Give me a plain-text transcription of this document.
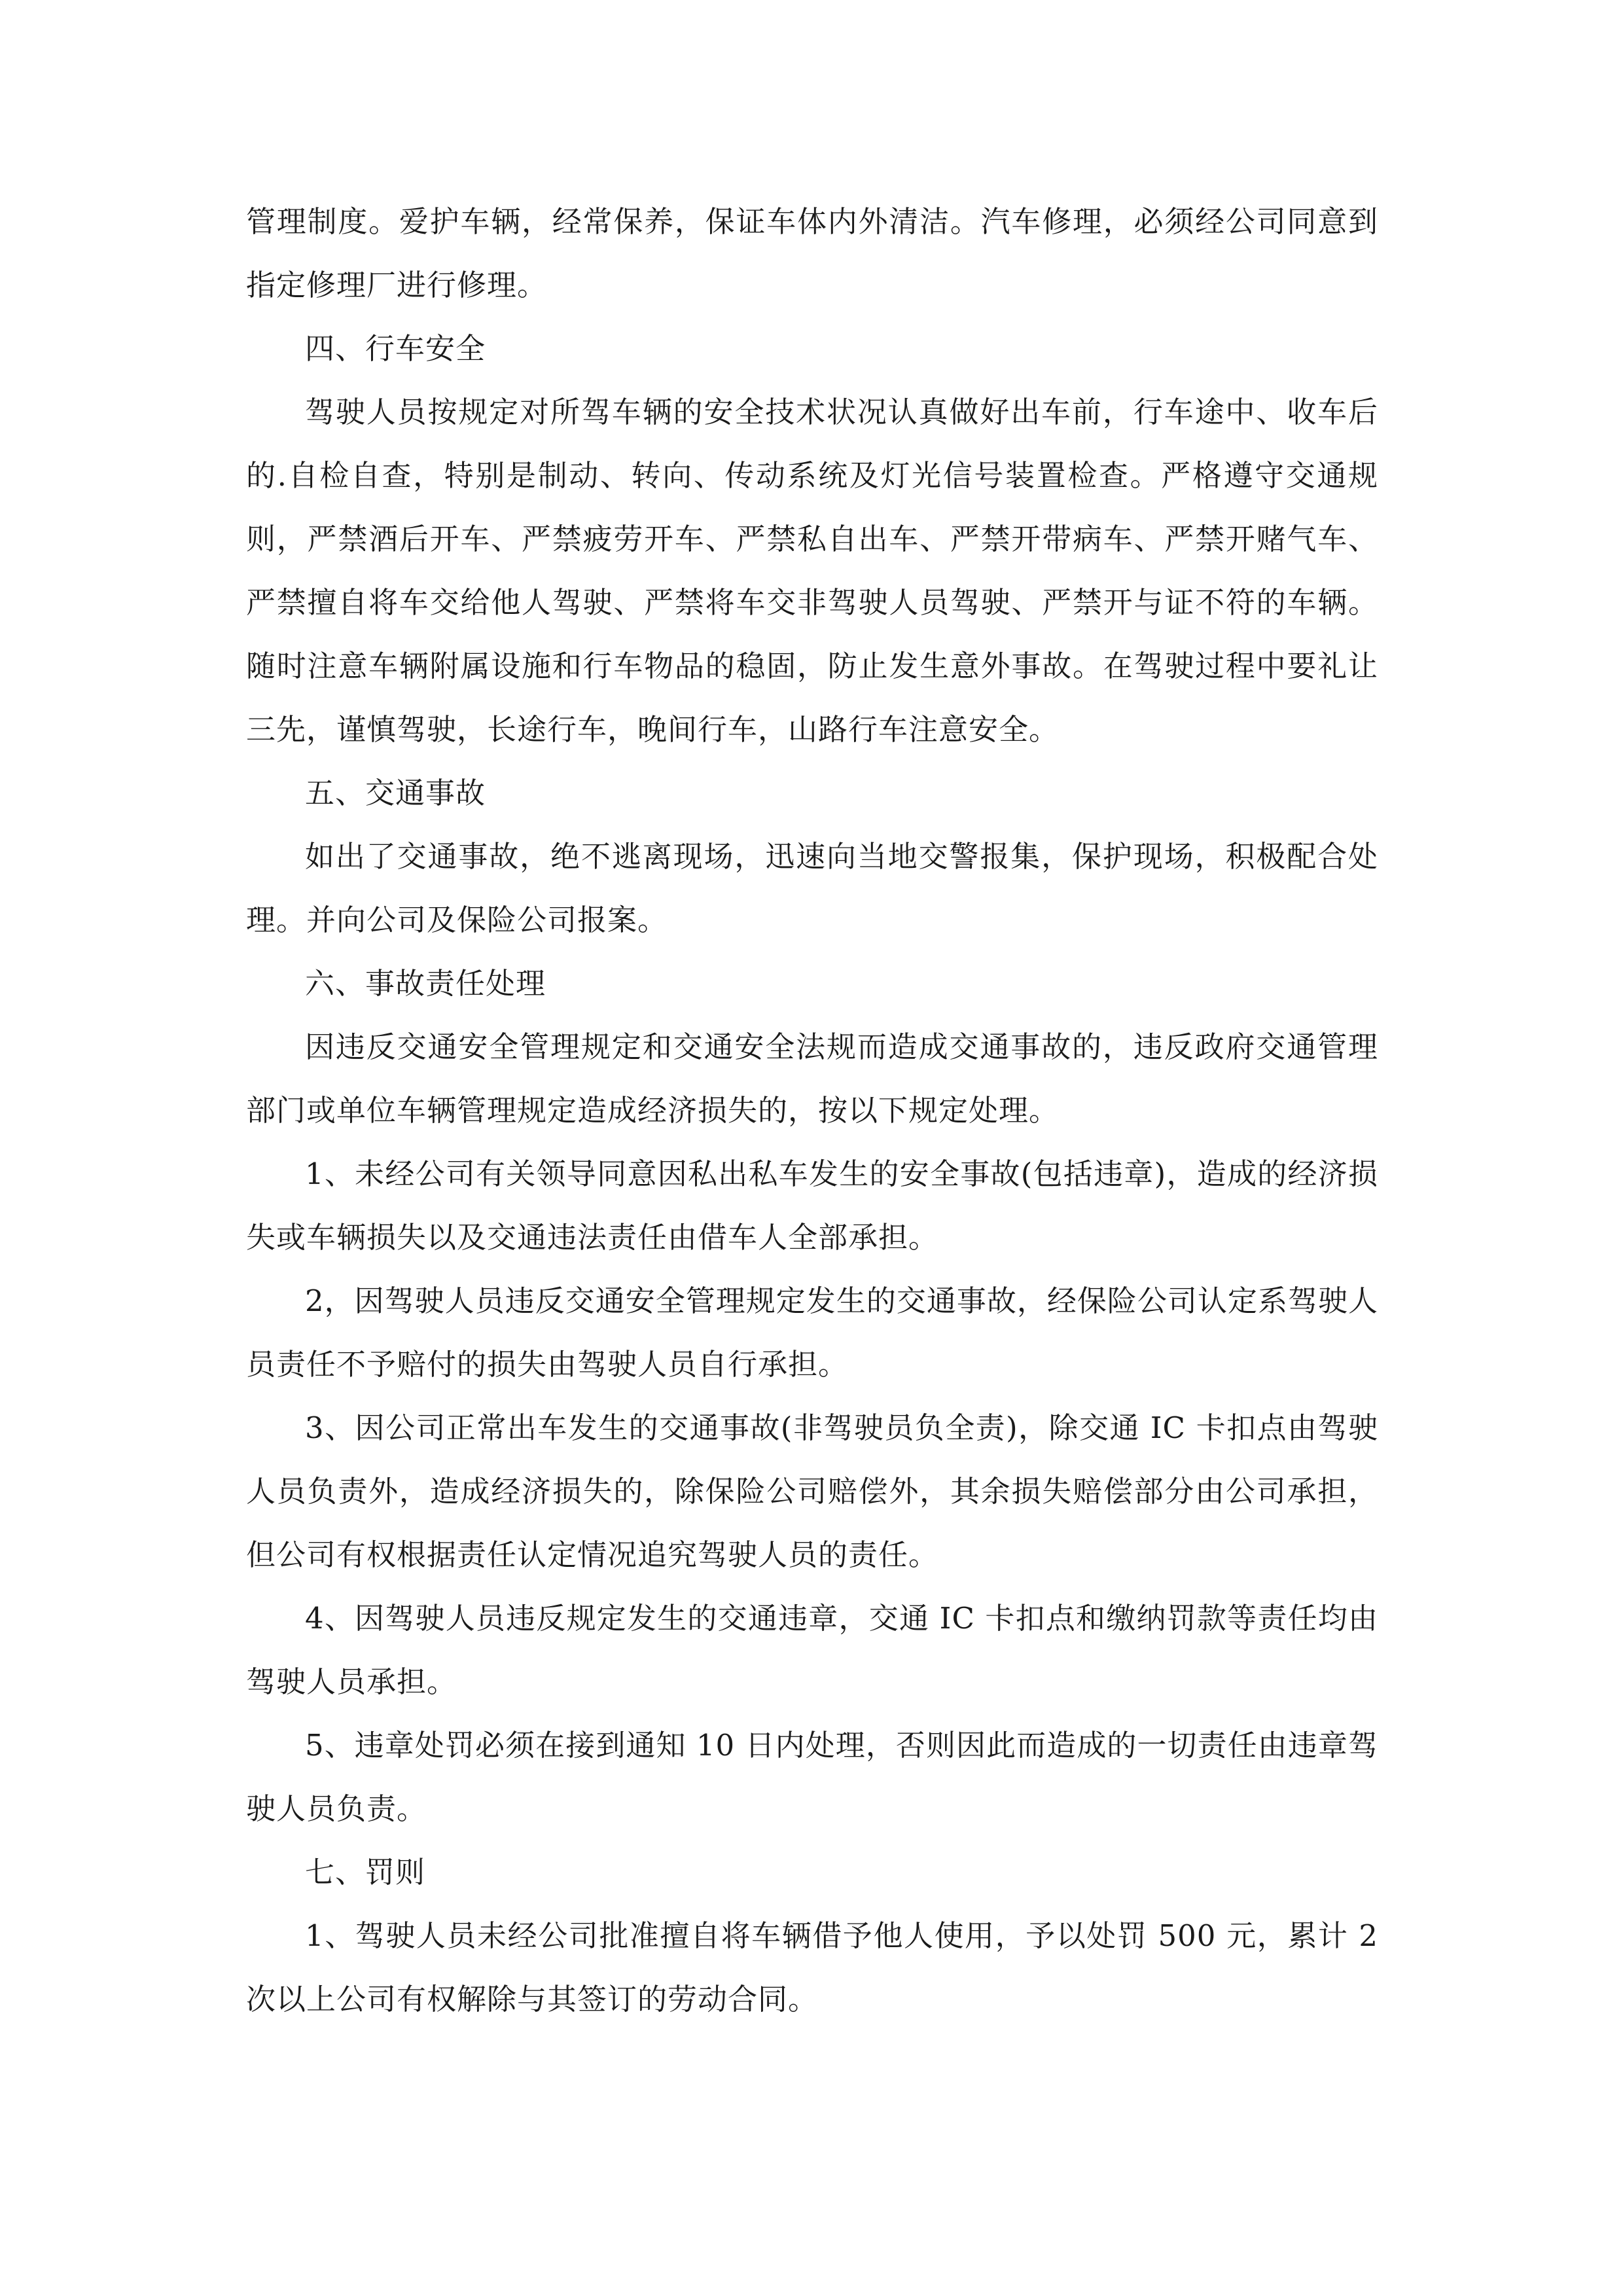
管理制度。爱护车辆，经常保养，保证车体内外清洁。汽车修理，必须经公司同意到指定修理厂进行修理。

四、行车安全

驾驶人员按规定对所驾车辆的安全技术状况认真做好出车前，行车途中、收车后的.自检自查，特别是制动、转向、传动系统及灯光信号装置检查。严格遵守交通规则，严禁酒后开车、严禁疲劳开车、严禁私自出车、严禁开带病车、严禁开赌气车、严禁擅自将车交给他人驾驶、严禁将车交非驾驶人员驾驶、严禁开与证不符的车辆。随时注意车辆附属设施和行车物品的稳固，防止发生意外事故。在驾驶过程中要礼让三先，谨慎驾驶，长途行车，晚间行车，山路行车注意安全。

五、交通事故

如出了交通事故，绝不逃离现场，迅速向当地交警报集，保护现场，积极配合处理。并向公司及保险公司报案。

六、事故责任处理

因违反交通安全管理规定和交通安全法规而造成交通事故的，违反政府交通管理部门或单位车辆管理规定造成经济损失的，按以下规定处理。

1、未经公司有关领导同意因私出私车发生的安全事故(包括违章)，造成的经济损失或车辆损失以及交通违法责任由借车人全部承担。

2，因驾驶人员违反交通安全管理规定发生的交通事故，经保险公司认定系驾驶人员责任不予赔付的损失由驾驶人员自行承担。

3、因公司正常出车发生的交通事故(非驾驶员负全责)，除交通 IC 卡扣点由驾驶人员负责外，造成经济损失的，除保险公司赔偿外，其余损失赔偿部分由公司承担，但公司有权根据责任认定情况追究驾驶人员的责任。

4、因驾驶人员违反规定发生的交通违章，交通 IC 卡扣点和缴纳罚款等责任均由驾驶人员承担。

5、违章处罚必须在接到通知 10 日内处理，否则因此而造成的一切责任由违章驾驶人员负责。

七、罚则

1、驾驶人员未经公司批准擅自将车辆借予他人使用，予以处罚 500 元，累计 2 次以上公司有权解除与其签订的劳动合同。
